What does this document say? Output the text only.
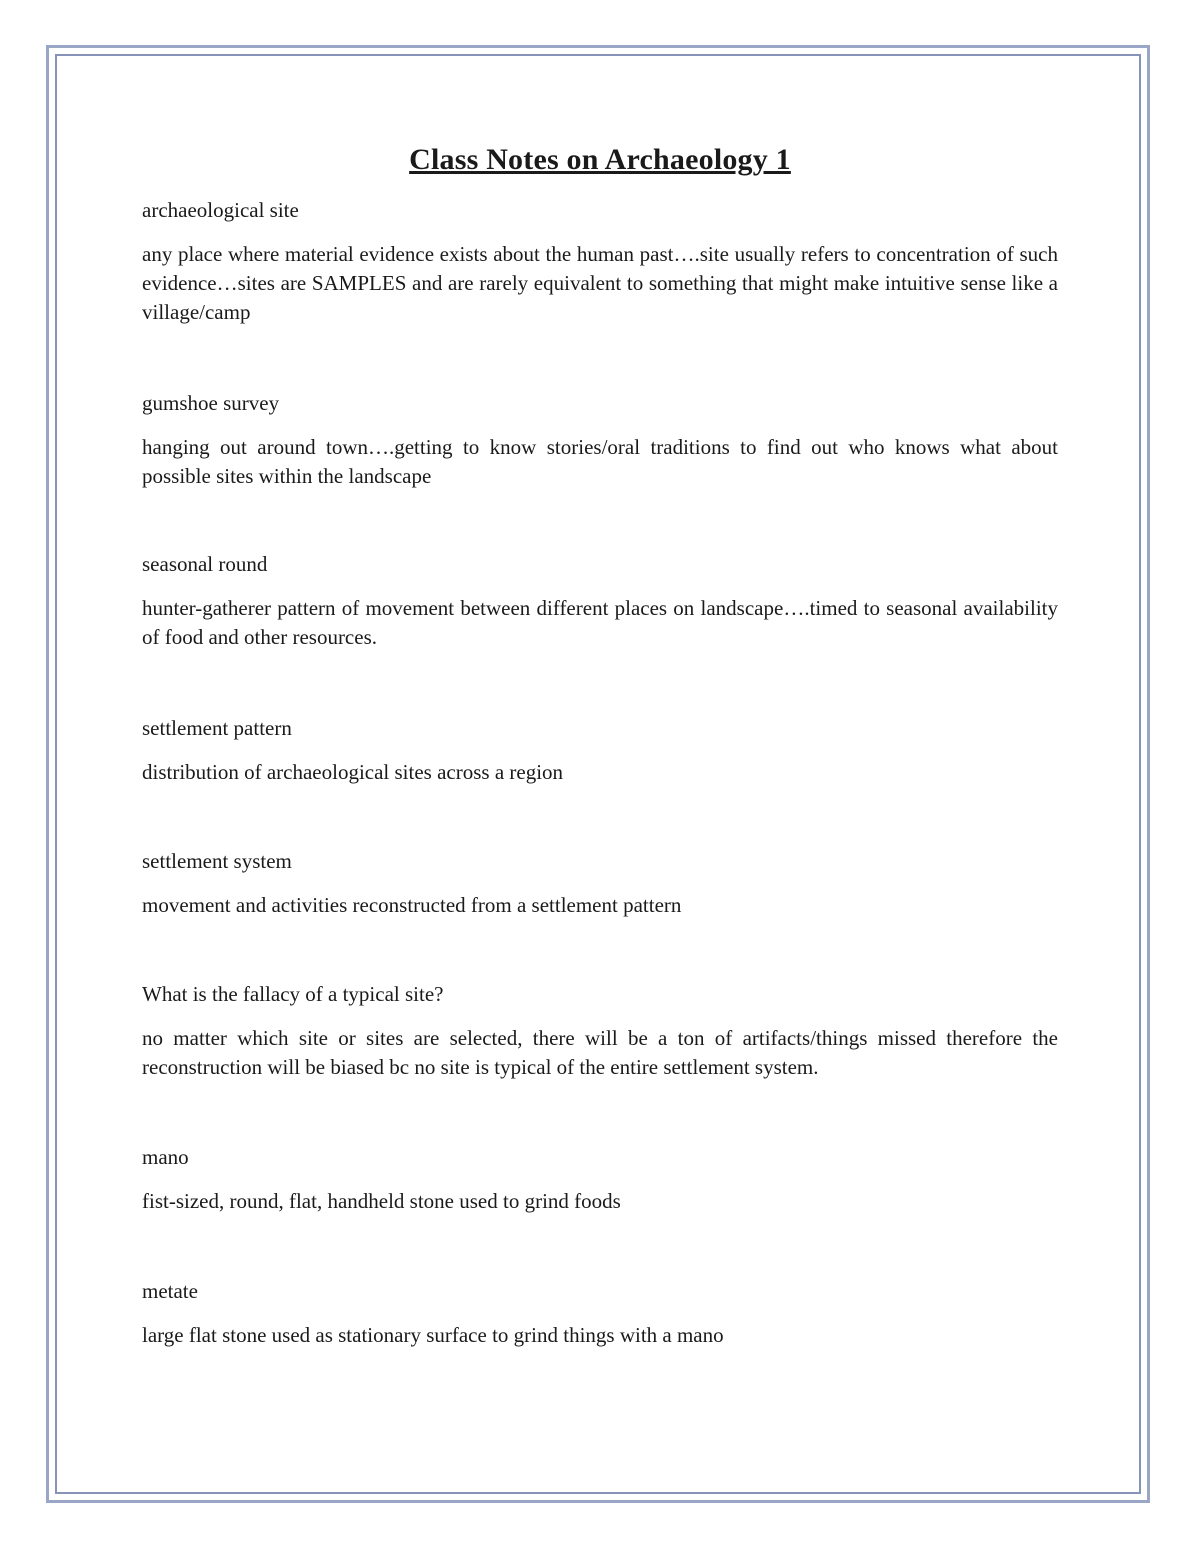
Class Notes on Archaeology 1

archaeological site

any place where material evidence exists about the human past….site usually refers to concentration of such evidence…sites are SAMPLES and are rarely equivalent to something that might make intuitive sense like a village/camp

gumshoe survey

hanging out around town….getting to know stories/oral traditions to find out who knows what about possible sites within the landscape

seasonal round

hunter-gatherer pattern of movement between different places on landscape….timed to seasonal availability of food and other resources.

settlement pattern

distribution of archaeological sites across a region

settlement system

movement and activities reconstructed from a settlement pattern

What is the fallacy of a typical site?

no matter which site or sites are selected, there will be a ton of artifacts/things missed therefore the reconstruction will be biased bc no site is typical of the entire settlement system.

mano

fist-sized, round, flat, handheld stone used to grind foods

metate

large flat stone used as stationary surface to grind things with a mano
